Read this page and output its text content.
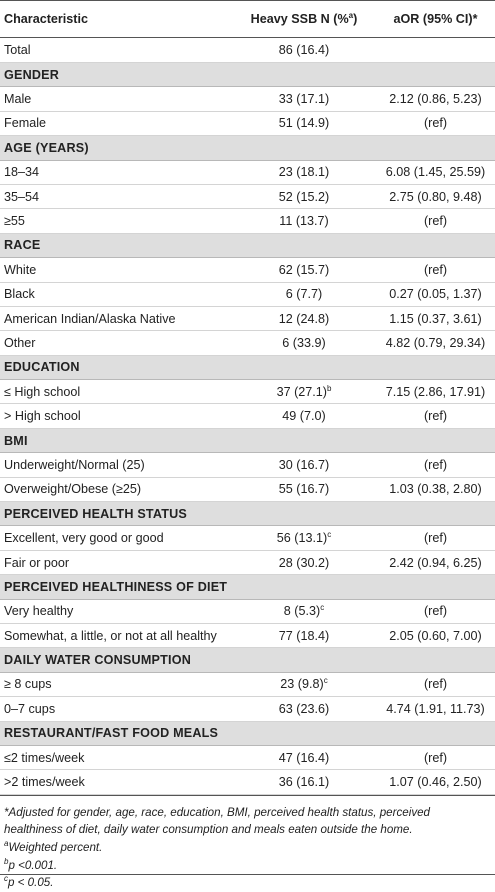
Characteristic	Heavy SSB N (%$^a$)	aOR (95% CI)*
Total	86 (16.4)	
GENDER		
Male	33 (17.1)	2.12 (0.86, 5.23)
Female	51 (14.9)	(ref)
AGE (YEARS)		
18–34	23 (18.1)	6.08 (1.45, 25.59)
35–54	52 (15.2)	2.75 (0.80, 9.48)
≥55	11 (13.7)	(ref)
RACE		
White	62 (15.7)	(ref)
Black	6 (7.7)	0.27 (0.05, 1.37)
American Indian/Alaska Native	12 (24.8)	1.15 (0.37, 3.61)
Other	6 (33.9)	4.82 (0.79, 29.34)
EDUCATION		
≤ High school	37 $(27.1)^b$	7.15 (2.86, 17.91)
> High school	49 (7.0)	(ref)
BMI		
Underweight/Normal (25)	30 (16.7)	(ref)
Overweight/Obese (≥25)	55 (16.7)	1.03 (0.38, 2.80)
PERCEIVED HEALTH STATUS		
Excellent, very good or good	56 $(13.1)^c$	(ref)
Fair or poor	28 (30.2)	2.42 (0.94, 6.25)
PERCEIVED HEALTHINESS OF DIET		
Very healthy	8 $(5.3)^c$	(ref)
Somewhat, a little, or not at all healthy	77 (18.4)	2.05 (0.60, 7.00)
DAILY WATER CONSUMPTION		
≥ 8 cups	23 $(9.8)^c$	(ref)
0–7 cups	63 (23.6)	4.74 (1.91, 11.73)
RESTAURANT/FAST FOOD MEALS		
≤2 times/week	47 (16.4)	(ref)
>2 times/week	36 (16.1)	1.07 (0.46, 2.50)
*Adjusted for gender, age, race, education, BMI, perceived health status, perceived healthiness of diet, daily water consumption and meals eaten outside the home.
$^a$Weighted percent.
$^b$p <0.001.
$^c$p < 0.05.
